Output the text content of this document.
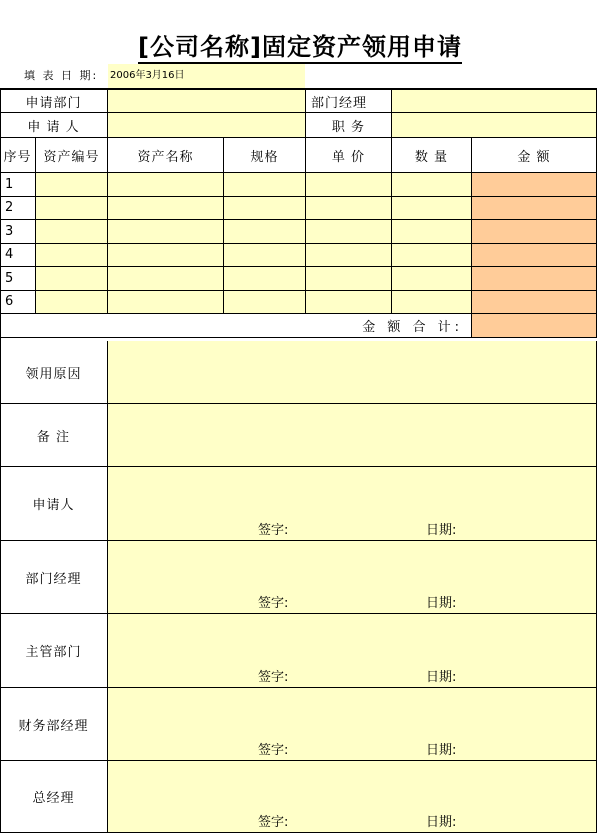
[公司名称]固定资产领用申请
填 表 日 期:	2006年3月16日
申请部门	部门经理
申 请 人	职 务
序号 资产编号	资产名称	规格	单 价	数 量	金 额
1
2
3
4
5
6
金 额 合 计:
领用原因
备 注
申请人
签字:	日期:
部门经理
签字:	日期:
主管部门
签字:	日期:
财务部经理
签字:	日期:
总经理
签字:	日期:
